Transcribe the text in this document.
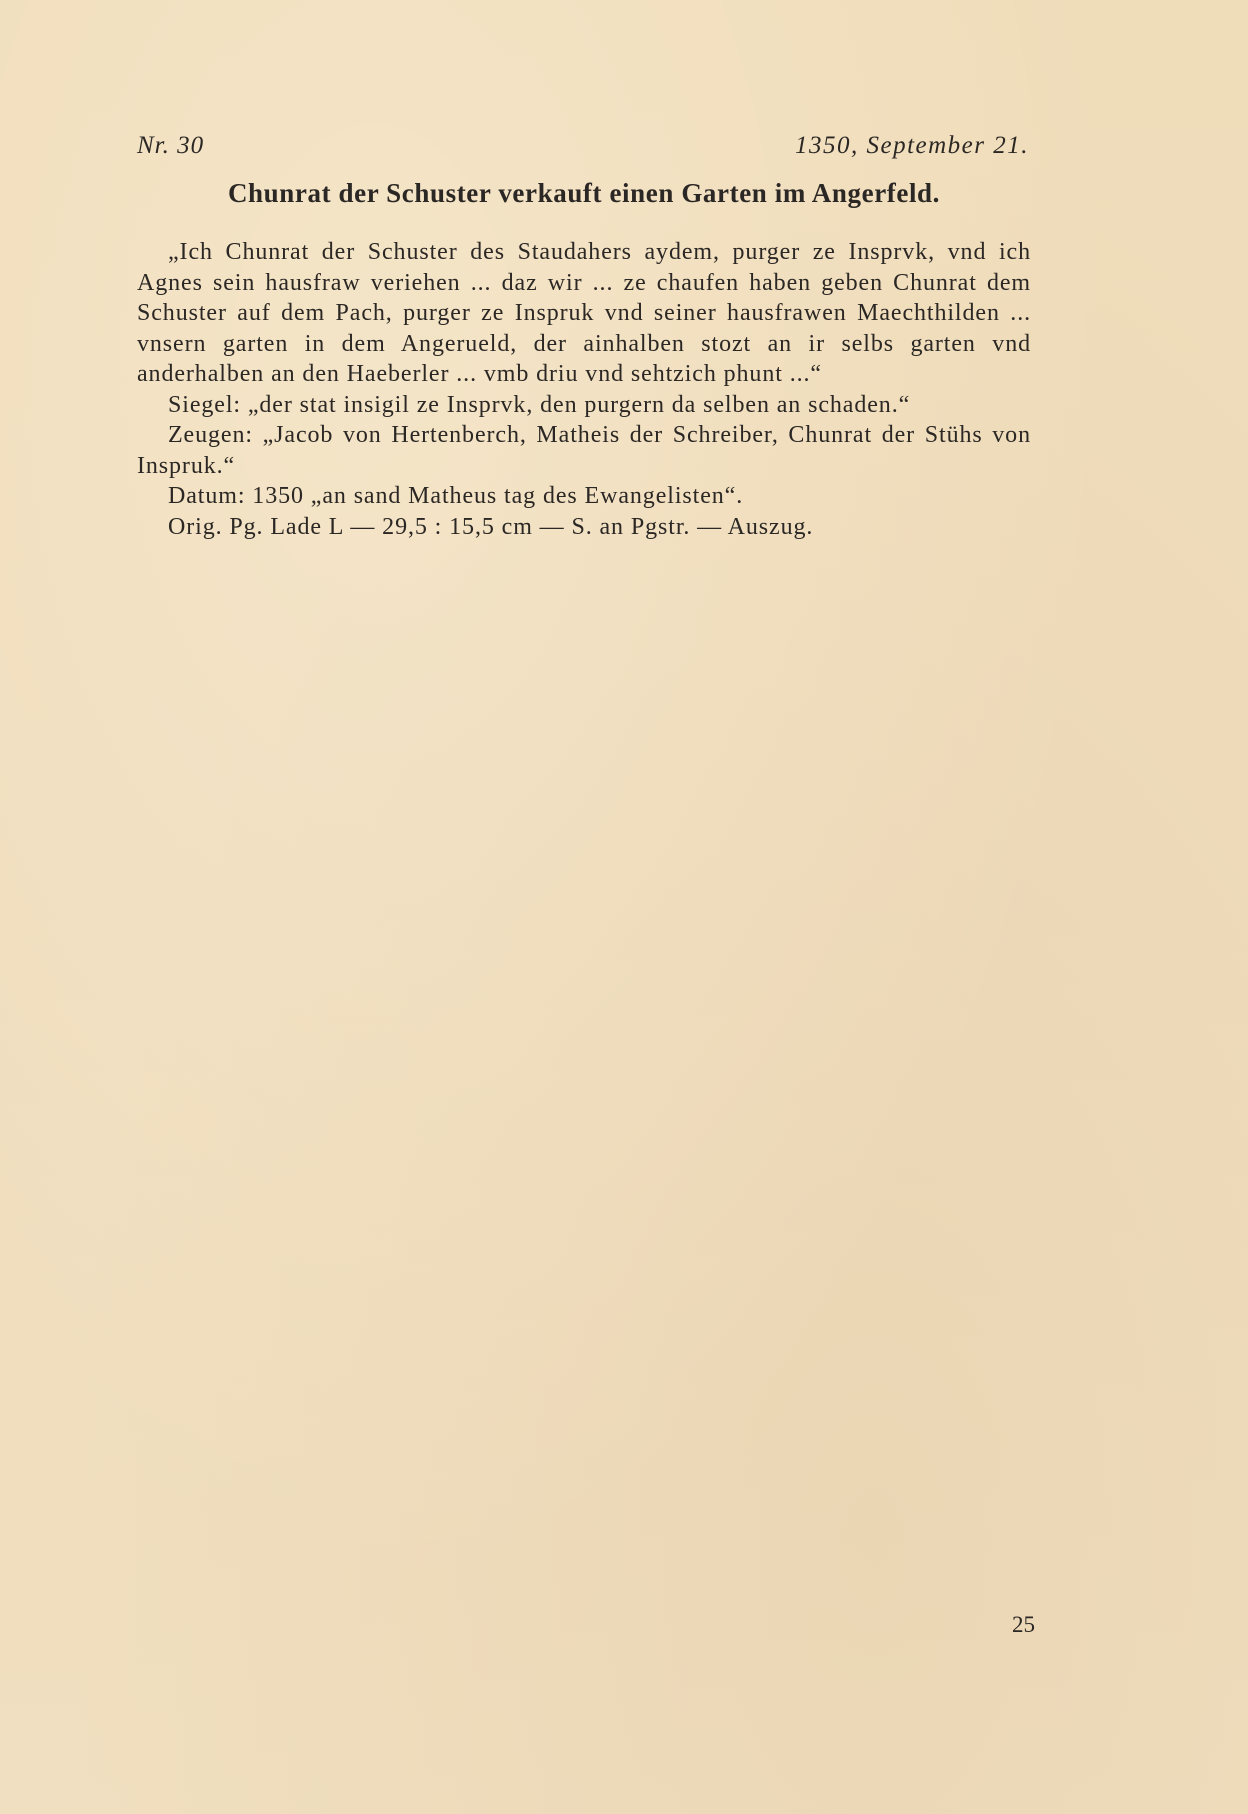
Nr. 30	1350, September 21.
Chunrat der Schuster verkauft einen Garten im Angerfeld.

„Ich Chunrat der Schuster des Staudahers aydem, purger ze Insprvk, vnd ich Agnes sein hausfraw veriehen ... daz wir ... ze chaufen haben geben Chunrat dem Schuster auf dem Pach, purger ze Inspruk vnd seiner hausfrawen Maechthilden ... vnsern garten in dem Angerueld, der ainhalben stozt an ir selbs garten vnd anderhalben an den Haeberler ... vmb driu vnd sehtzich phunt ...“

Siegel: „der stat insigil ze Insprvk, den purgern da selben an schaden.“

Zeugen: „Jacob von Hertenberch, Matheis der Schreiber, Chunrat der Stühs von Inspruk.“

Datum: 1350 „an sand Matheus tag des Ewangelisten“.

Orig. Pg. Lade L — 29,5 : 15,5 cm — S. an Pgstr. — Auszug.

25
